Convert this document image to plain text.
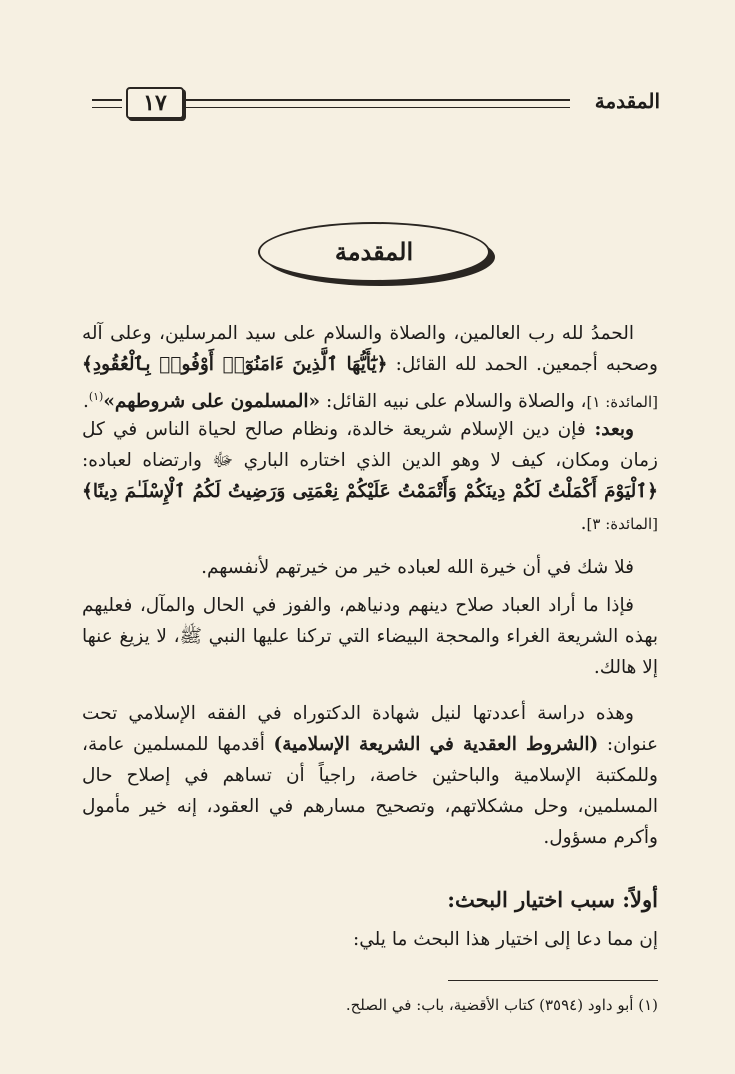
١٧	المقدمة
المقدمة

الحمدُ لله رب العالمين، والصلاة والسلام على سيد المرسلين، وعلى آله وصحبه أجمعين. الحمد لله القائل: ﴿يَٰٓأَيُّهَا ٱلَّذِينَ ءَامَنُوٓا۟ أَوْفُوا۟ بِٱلْعُقُودِ﴾ [المائدة: ١]، والصلاة والسلام على نبيه القائل: «المسلمون على شروطهم»$^{(١)}$.

وبعد: فإن دين الإسلام شريعة خالدة، ونظام صالح لحياة الناس في كل زمان ومكان، كيف لا وهو الدين الذي اختاره الباري ﷻ وارتضاه لعباده: ﴿ٱلْيَوْمَ أَكْمَلْتُ لَكُمْ دِينَكُمْ وَأَتْمَمْتُ عَلَيْكُمْ نِعْمَتِى وَرَضِيتُ لَكُمُ ٱلْإِسْلَـٰمَ دِينًا﴾ [المائدة: ٣].

فلا شك في أن خيرة الله لعباده خير من خيرتهم لأنفسهم.

فإذا ما أراد العباد صلاح دينهم ودنياهم، والفوز في الحال والمآل، فعليهم بهذه الشريعة الغراء والمحجة البيضاء التي تركنا عليها النبي ﷺ، لا يزيغ عنها إلا هالك.

وهذه دراسة أعددتها لنيل شهادة الدكتوراه في الفقه الإسلامي تحت عنوان: (الشروط العقدية في الشريعة الإسلامية) أقدمها للمسلمين عامة، وللمكتبة الإسلامية والباحثين خاصة، راجياً أن تساهم في إصلاح حال المسلمين، وحل مشكلاتهم، وتصحيح مسارهم في العقود، إنه خير مأمول وأكرم مسؤول.

أولاً: سبب اختيار البحث:

إن مما دعا إلى اختيار هذا البحث ما يلي:

(١) أبو داود (٣٥٩٤) كتاب الأقضية، باب: في الصلح.
